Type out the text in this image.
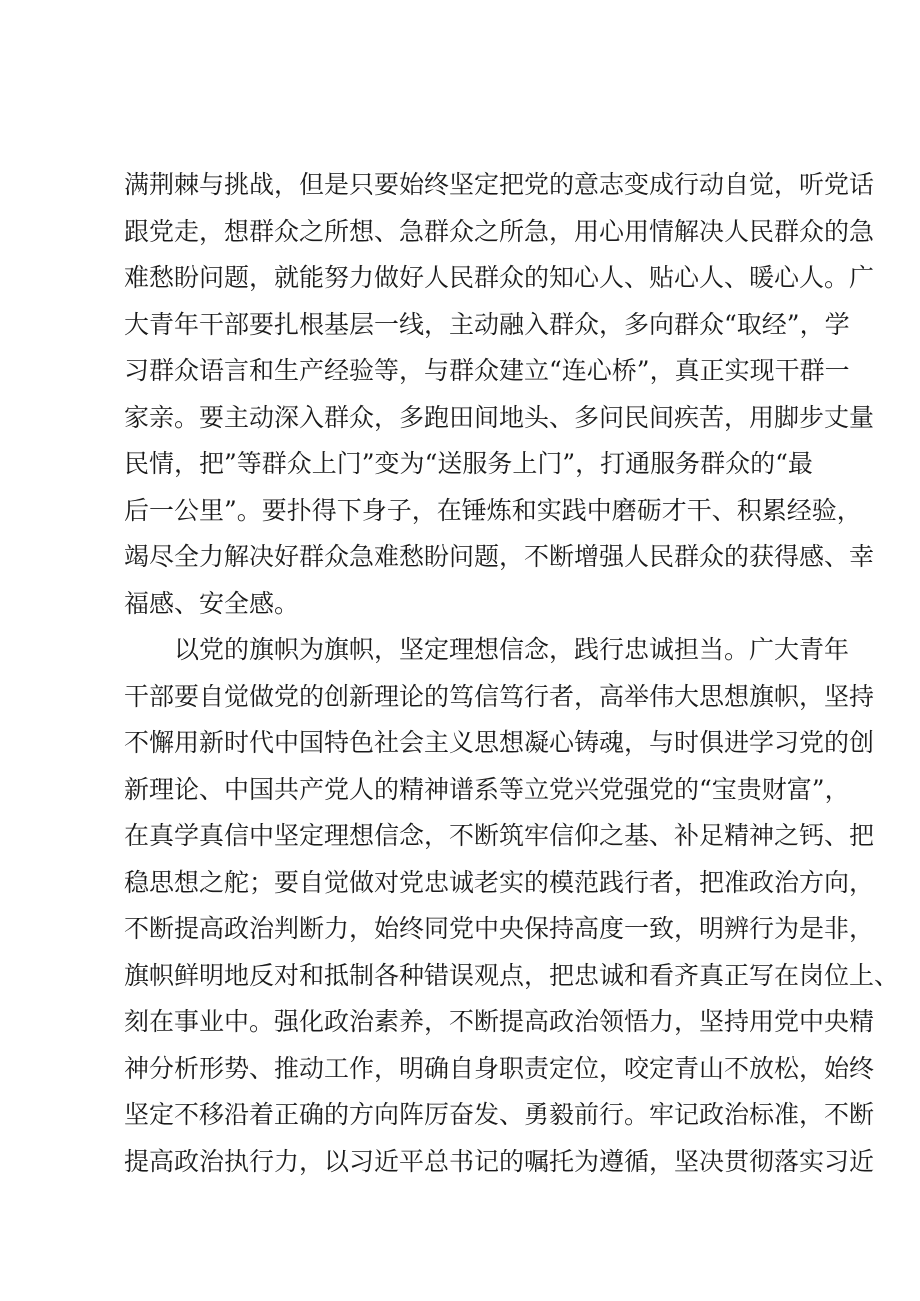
满荆棘与挑战，但是只要始终坚定把党的意志变成行动自觉，听党话
跟党走，想群众之所想、急群众之所急，用心用情解决人民群众的急
难愁盼问题，就能努力做好人民群众的知心人、贴心人、暖心人。广
大青年干部要扎根基层一线，主动融入群众，多向群众“取经”，学
习群众语言和生产经验等，与群众建立“连心桥”，真正实现干群一
家亲。要主动深入群众，多跑田间地头、多问民间疾苦，用脚步丈量
民情，把”等群众上门”变为“送服务上门”，打通服务群众的“最
后一公里”。要扑得下身子，在锤炼和实践中磨砺才干、积累经验，
竭尽全力解决好群众急难愁盼问题，不断增强人民群众的获得感、幸
福感、安全感。
以党的旗帜为旗帜，坚定理想信念，践行忠诚担当。广大青年
干部要自觉做党的创新理论的笃信笃行者，高举伟大思想旗帜，坚持
不懈用新时代中国特色社会主义思想凝心铸魂，与时俱进学习党的创
新理论、中国共产党人的精神谱系等立党兴党强党的“宝贵财富”，
在真学真信中坚定理想信念，不断筑牢信仰之基、补足精神之钙、把
稳思想之舵；要自觉做对党忠诚老实的模范践行者，把准政治方向，
不断提高政治判断力，始终同党中央保持高度一致，明辨行为是非，
旗帜鲜明地反对和抵制各种错误观点，把忠诚和看齐真正写在岗位上、
刻在事业中。强化政治素养，不断提高政治领悟力，坚持用党中央精
神分析形势、推动工作，明确自身职责定位，咬定青山不放松，始终
坚定不移沿着正确的方向阵厉奋发、勇毅前行。牢记政治标准，不断
提高政治执行力，以习近平总书记的嘱托为遵循，坚决贯彻落实习近
